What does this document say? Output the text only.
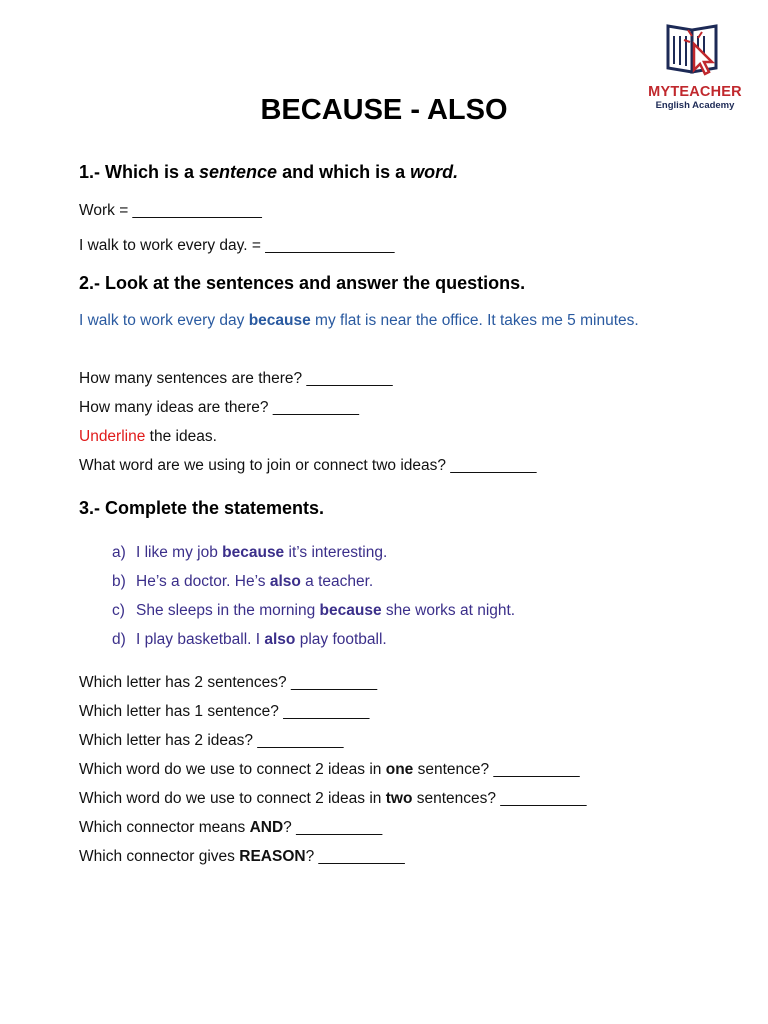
MYTEACHER
English Academy
BECAUSE - ALSO
1.- Which is a sentence and which is a word.
Work = _______________
I walk to work every day. = _______________
2.- Look at the sentences and answer the questions.
I walk to work every day because my flat is near the office. It takes me 5 minutes.
How many sentences are there? __________
How many ideas are there? __________
Underline the ideas.
What word are we using to join or connect two ideas? __________
3.- Complete the statements.
a) I like my job because it’s interesting.
b) He’s a doctor. He’s also a teacher.
c) She sleeps in the morning because she works at night.
d) I play basketball. I also play football.
Which letter has 2 sentences? __________
Which letter has 1 sentence? __________
Which letter has 2 ideas? __________
Which word do we use to connect 2 ideas in one sentence? __________
Which word do we use to connect 2 ideas in two sentences? __________
Which connector means AND? __________
Which connector gives REASON? __________
